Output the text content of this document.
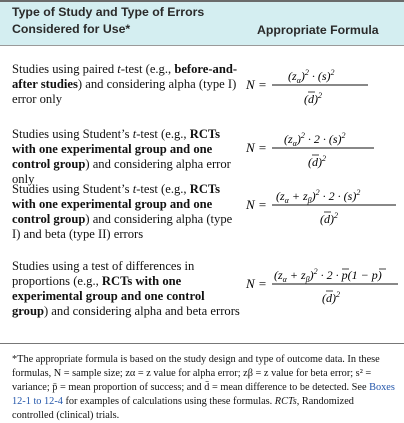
Type of Study and Type of Errors Considered for Use*	Appropriate Formula
Studies using paired t-test (e.g., before-and-after studies) and considering alpha (type I) error only
N =
$(z_\alpha)^2 \cdot (s)^2$
$(d)^2$
Studies using Student’s t-test (e.g., RCTs with one experimental group and one control group) and considering alpha error only
N =
$(z_\alpha)^2 \cdot 2 \cdot (s)^2$
$(d)^2$
Studies using Student’s t-test (e.g., RCTs with one experimental group and one control group) and considering alpha (type I) and beta (type II) errors
N =
$(z_\alpha + z_\beta)^2 \cdot 2 \cdot (s)^2$
$(d)^2$
Studies using a test of differences in proportions (e.g., RCTs with one experimental group and one control group) and considering alpha and beta errors
N =
$(z_\alpha + z_\beta)^2 \cdot 2 \cdot p(1 - p)$
$(d)^2$
*The appropriate formula is based on the study design and type of outcome data. In these formulas, N = sample size; zα = z value for alpha error; zβ = z value for beta error; s² = variance; p̄ = mean proportion of success; and d̄ = mean difference to be detected. See Boxes 12-1 to 12-4 for examples of calculations using these formulas. RCTs, Randomized controlled (clinical) trials.
